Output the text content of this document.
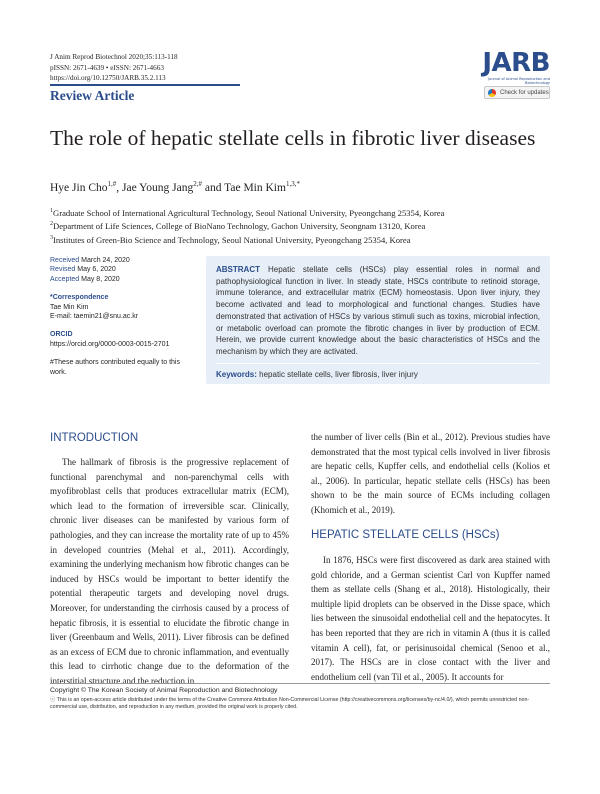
J Anim Reprod Biotechnol 2020;35:113-118
pISSN: 2671-4639 • eISSN: 2671-4663
https://doi.org/10.12750/JARB.35.2.113
Review Article
JARB
Journal of Animal Reproduction and Biotechnology
Check for updates
The role of hepatic stellate cells in fibrotic liver diseases
Hye Jin Cho$^{1,\#}$, Jae Young Jang$^{2,\#}$ and Tae Min Kim$^{1,3,*}$
$^1$Graduate School of International Agricultural Technology, Seoul National University, Pyeongchang 25354, Korea
$^2$Department of Life Sciences, College of BioNano Technology, Gachon University, Seongnam 13120, Korea
$^3$Institutes of Green-Bio Science and Technology, Seoul National University, Pyeongchang 25354, Korea
Received March 24, 2020
Revised May 6, 2020
Accepted May 8, 2020
*Correspondence
Tae Min Kim
E-mail: taemin21@snu.ac.kr
ORCID
https://orcid.org/0000-0003-0015-2701
#These authors contributed equally to this work.
ABSTRACT Hepatic stellate cells (HSCs) play essential roles in normal and pathophysiological function in liver. In steady state, HSCs contribute to retinoid storage, immune tolerance, and extracellular matrix (ECM) homeostasis. Upon liver injury, they become activated and lead to morphological and functional changes. Studies have demonstrated that activation of HSCs by various stimuli such as toxins, microbial infection, or metabolic overload can promote the fibrotic changes in liver by production of ECM. Herein, we provide current knowledge about the basic characteristics of HSCs and the mechanism by which they are activated.
Keywords: hepatic stellate cells, liver fibrosis, liver injury
INTRODUCTION

The hallmark of fibrosis is the progressive replacement of functional parenchymal and non-parenchymal cells with myofibroblast cells that produces extracellular matrix (ECM), which lead to the formation of irreversible scar. Clinically, chronic liver diseases can be manifested by various form of pathologies, and they can increase the mortality rate of up to 45% in developed countries (Mehal et al., 2011). Accordingly, examining the underlying mechanism how fibrotic changes can be induced by HSCs would be important to better identify the potential therapeutic targets and developing novel drugs. Moreover, for understanding the cirrhosis caused by a process of hepatic fibrosis, it is essential to elucidate the fibrotic change in liver (Greenbaum and Wells, 2011). Liver fibrosis can be defined as an excess of ECM due to chronic inflammation, and eventually this lead to cirrhotic change due to the deformation of the interstitial structure and the reduction in

the number of liver cells (Bin et al., 2012). Previous studies have demonstrated that the most typical cells involved in liver fibrosis are hepatic cells, Kupffer cells, and endothelial cells (Kolios et al., 2006). In particular, hepatic stellate cells (HSCs) has been shown to be the main source of ECMs including collagen (Khomich et al., 2019).

HEPATIC STELLATE CELLS (HSCs)

In 1876, HSCs were first discovered as dark area stained with gold chloride, and a German scientist Carl von Kupffer named them as stellate cells (Shang et al., 2018). Histologically, their multiple lipid droplets can be observed in the Disse space, which lies between the sinusoidal endothelial cell and the hepatocytes. It has been reported that they are rich in vitamin A (thus it is called vitamin A cell), fat, or perisinusoidal chemical (Senoo et al., 2017). The HSCs are in close contact with the liver and endothelium cell (van Til et al., 2005). It accounts for

Copyright © The Korean Society of Animal Reproduction and Biotechnology
ⓒ This is an open-access article distributed under the terms of the Creative Commons Attribution Non-Commercial License (http://creativecommons.org/licenses/by-nc/4.0/), which permits unrestricted non-commercial use, distribution, and reproduction in any medium, provided the original work is properly cited.
